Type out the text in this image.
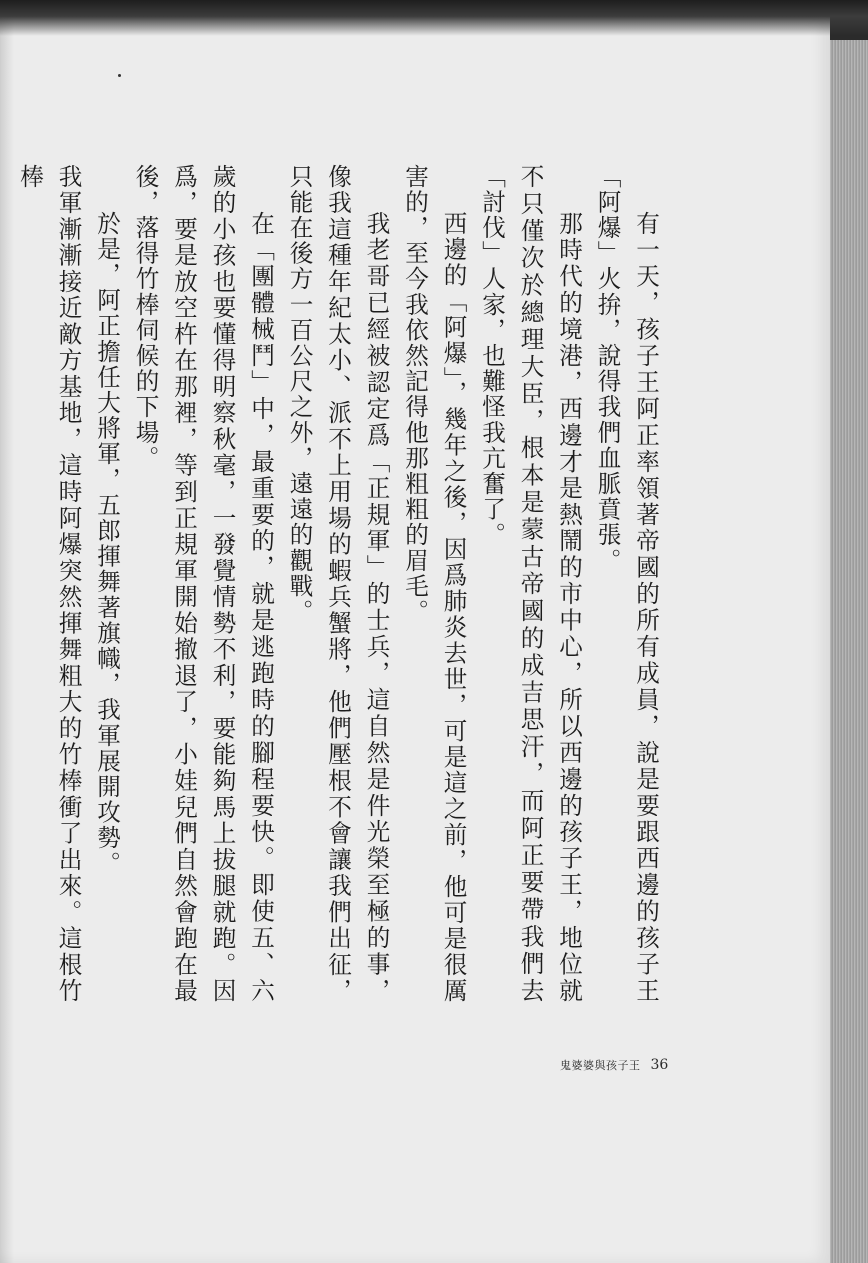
有一天，孩子王阿正率領著帝國的所有成員，說是要跟西邊的孩子王「阿爆」火拚，說得我們血脈賁張。

那時代的境港，西邊才是熱鬧的市中心，所以西邊的孩子王，地位就不只僅次於總理大臣，根本是蒙古帝國的成吉思汗，而阿正要帶我們去「討伐」人家，也難怪我亢奮了。

西邊的「阿爆」，幾年之後，因爲肺炎去世，可是這之前，他可是很厲害的，至今我依然記得他那粗粗的眉毛。

我老哥已經被認定爲「正規軍」的士兵，這自然是件光榮至極的事，像我這種年紀太小、派不上用場的蝦兵蟹將，他們壓根不會讓我們出征，只能在後方一百公尺之外，遠遠的觀戰。

在「團體械鬥」中，最重要的，就是逃跑時的腳程要快。即使五、六歲的小孩也要懂得明察秋毫，一發覺情勢不利，要能夠馬上拔腿就跑。因爲，要是放空杵在那裡，等到正規軍開始撤退了，小娃兒們自然會跑在最後，落得竹棒伺候的下場。

於是，阿正擔任大將軍，五郎揮舞著旗幟，我軍展開攻勢。

我軍漸漸接近敵方基地，這時阿爆突然揮舞粗大的竹棒衝了出來。這根竹棒

鬼婆婆與孩子王 36
